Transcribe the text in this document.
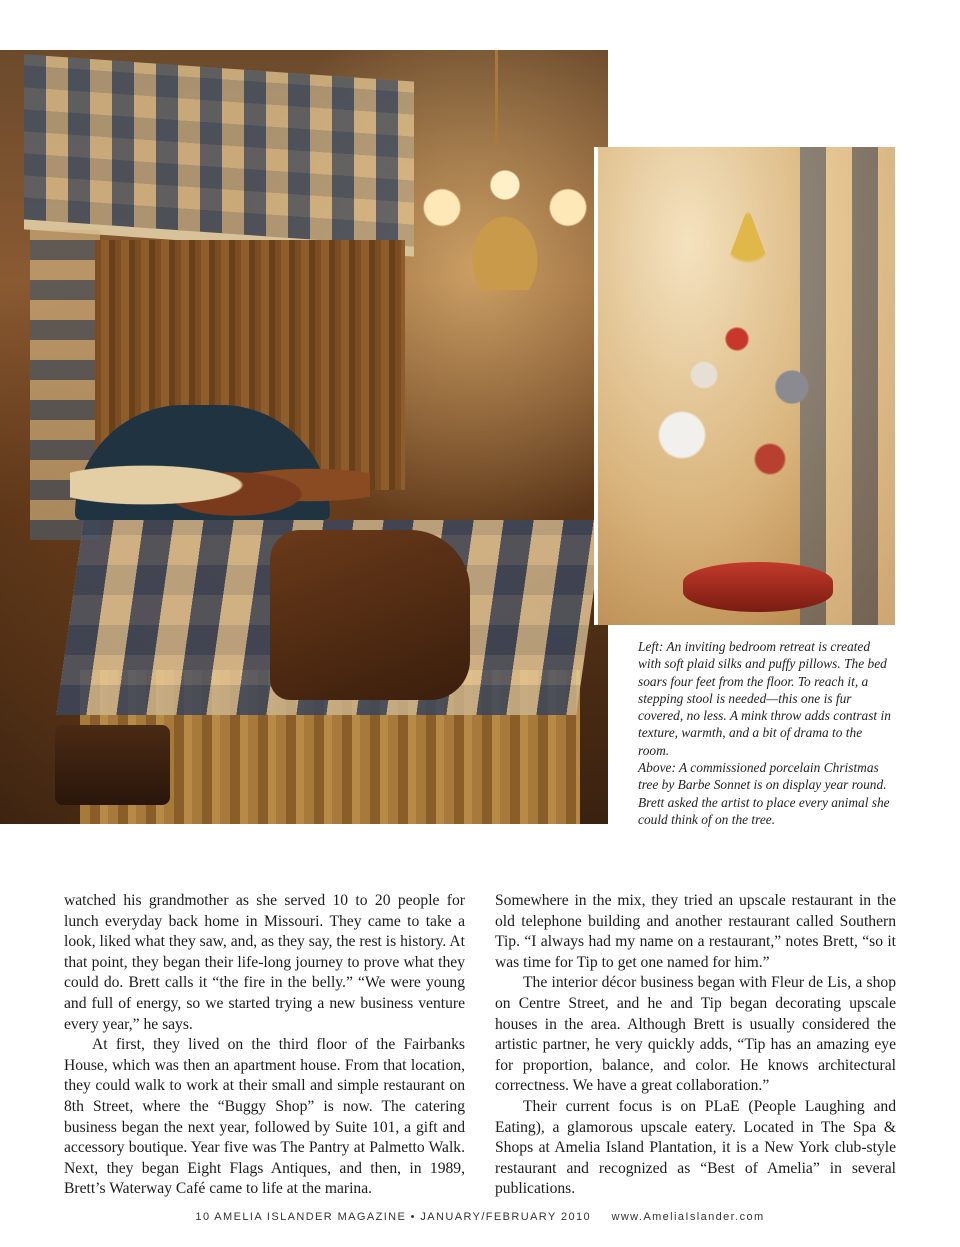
Left: An inviting bedroom retreat is created with soft plaid silks and puffy pillows. The bed soars four feet from the floor. To reach it, a stepping stool is needed—this one is fur covered, no less. A mink throw adds contrast in texture, warmth, and a bit of drama to the room.

Above: A commissioned porcelain Christmas tree by Barbe Sonnet is on display year round. Brett asked the artist to place every animal she could think of on the tree.

watched his grandmother as she served 10 to 20 people for lunch everyday back home in Missouri. They came to take a look, liked what they saw, and, as they say, the rest is history. At that point, they began their life-long journey to prove what they could do. Brett calls it “the fire in the belly.” “We were young and full of energy, so we started trying a new business venture every year,” he says.

At first, they lived on the third floor of the Fairbanks House, which was then an apartment house. From that location, they could walk to work at their small and simple restaurant on 8th Street, where the “Buggy Shop” is now. The catering business began the next year, followed by Suite 101, a gift and accessory boutique. Year five was The Pantry at Palmetto Walk. Next, they began Eight Flags Antiques, and then, in 1989, Brett’s Waterway Café came to life at the marina.

Somewhere in the mix, they tried an upscale restaurant in the old telephone building and another restaurant called Southern Tip. “I always had my name on a restaurant,” notes Brett, “so it was time for Tip to get one named for him.”

The interior décor business began with Fleur de Lis, a shop on Centre Street, and he and Tip began decorating upscale houses in the area. Although Brett is usually considered the artistic partner, he very quickly adds, “Tip has an amazing eye for proportion, balance, and color. He knows architectural correctness. We have a great collaboration.”

Their current focus is on PLaE (People Laughing and Eating), a glamorous upscale eatery. Located in The Spa & Shops at Amelia Island Plantation, it is a New York club-style restaurant and recognized as “Best of Amelia” in several publications.

10 AMELIA ISLANDER MAGAZINE • JANUARY/FEBRUARY 2010 www.AmeliaIslander.com
